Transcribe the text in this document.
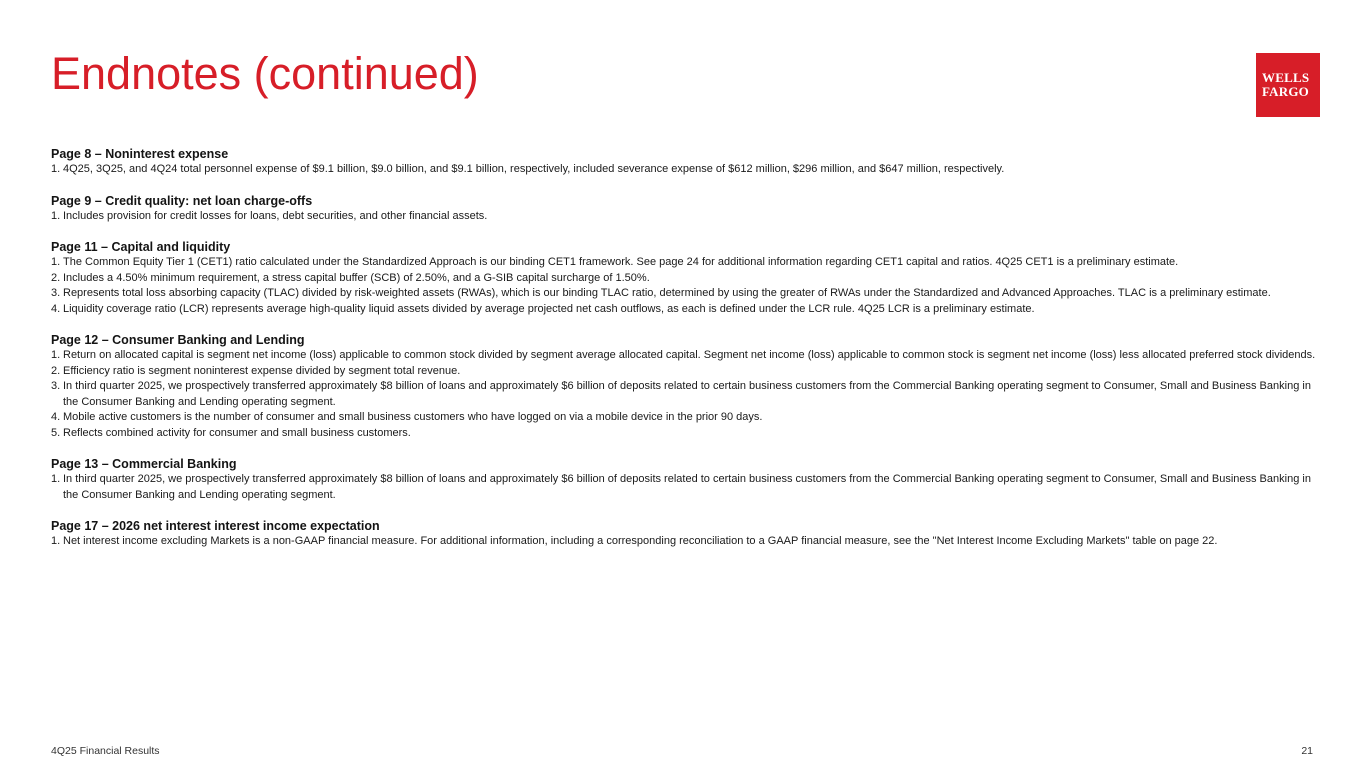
Endnotes (continued)	WELLS
FARGO
Page 8 – Noninterest expense
1. 4Q25, 3Q25, and 4Q24 total personnel expense of $9.1 billion, $9.0 billion, and $9.1 billion, respectively, included severance expense of $612 million, $296 million, and $647 million, respectively.
Page 9 – Credit quality: net loan charge-offs
1. Includes provision for credit losses for loans, debt securities, and other financial assets.
Page 11 – Capital and liquidity
1. The Common Equity Tier 1 (CET1) ratio calculated under the Standardized Approach is our binding CET1 framework. See page 24 for additional information regarding CET1 capital and ratios. 4Q25 CET1 is a preliminary estimate.
2. Includes a 4.50% minimum requirement, a stress capital buffer (SCB) of 2.50%, and a G-SIB capital surcharge of 1.50%.
3. Represents total loss absorbing capacity (TLAC) divided by risk-weighted assets (RWAs), which is our binding TLAC ratio, determined by using the greater of RWAs under the Standardized and Advanced Approaches. TLAC is a preliminary estimate.
4. Liquidity coverage ratio (LCR) represents average high-quality liquid assets divided by average projected net cash outflows, as each is defined under the LCR rule. 4Q25 LCR is a preliminary estimate.
Page 12 – Consumer Banking and Lending
1. Return on allocated capital is segment net income (loss) applicable to common stock divided by segment average allocated capital. Segment net income (loss) applicable to common stock is segment net income (loss) less allocated preferred stock dividends.
2. Efficiency ratio is segment noninterest expense divided by segment total revenue.
3. In third quarter 2025, we prospectively transferred approximately $8 billion of loans and approximately $6 billion of deposits related to certain business customers from the Commercial Banking operating segment to Consumer, Small and Business Banking in the Consumer Banking and Lending operating segment.
4. Mobile active customers is the number of consumer and small business customers who have logged on via a mobile device in the prior 90 days.
5. Reflects combined activity for consumer and small business customers.
Page 13 – Commercial Banking
1. In third quarter 2025, we prospectively transferred approximately $8 billion of loans and approximately $6 billion of deposits related to certain business customers from the Commercial Banking operating segment to Consumer, Small and Business Banking in the Consumer Banking and Lending operating segment.
Page 17 – 2026 net interest interest income expectation
1. Net interest income excluding Markets is a non-GAAP financial measure. For additional information, including a corresponding reconciliation to a GAAP financial measure, see the "Net Interest Income Excluding Markets" table on page 22.
4Q25 Financial Results	21
